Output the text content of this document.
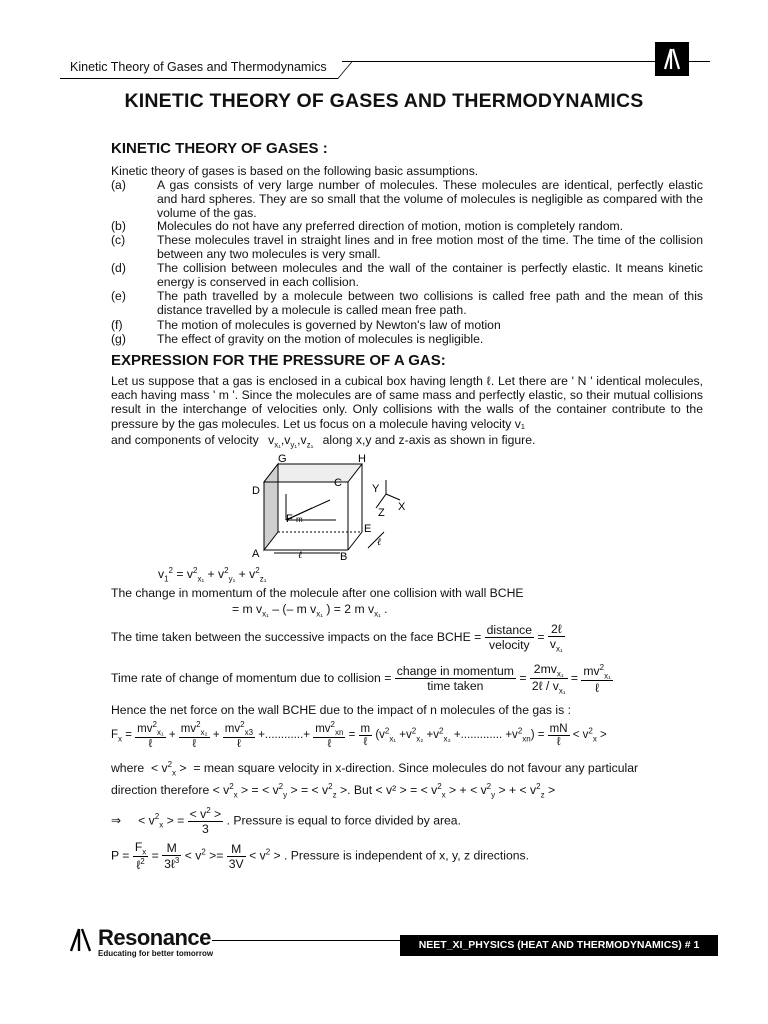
Kinetic Theory of Gases and Thermodynamics
KINETIC THEORY OF GASES AND THERMODYNAMICS
KINETIC THEORY OF GASES :
Kinetic theory of gases is based on the following basic assumptions.
(a)	A gas consists of very large number of molecules. These molecules are identical, perfectly elastic and hard spheres. They are so small that the volume of molecules is negligible as compared with the volume of the gas.
(b)	Molecules do not have any preferred direction of motion, motion is completely random.
(c)	These molecules travel in straight lines and in free motion most of the time. The time of the collision between any two molecules is very small.
(d)	The collision between molecules and the wall of the container is perfectly elastic. It means kinetic energy is conserved in each collision.
(e)	The path travelled by a molecule between two collisions is called free path and the mean of this distance travelled by a molecule is called mean free path.
(f)	The motion of molecules is governed by Newton's law of motion
(g)	The effect of gravity on the motion of molecules is negligible.
EXPRESSION FOR THE PRESSURE OF A GAS:
Let us suppose that a gas is enclosed in a cubical box having length ℓ. Let there are ' N ' identical molecules, each having mass ' m '. Since the molecules are of same mass and perfectly elastic, so their mutual collisions result in the interchange of velocities only. Only collisions with the walls of the container contribute to the pressure by the gas molecules. Let us focus on a molecule having velocity v₁
and components of velocity $v_{x_1},v_{y_1},v_{z_1}$ along x,y and z-axis as shown in figure.
G	H
D
C
A	B
E
F m
Y
X
Z
ℓ
ℓ
$v_1^2 = v^2_{x_1} + v^2_{y_1} + v^2_{z_1}$
The change in momentum of the molecule after one collision with wall BCHE
= m $v_{x_1}$ – (– m $v_{x_1}$ ) = 2 m $v_{x_1}$ .
The time taken between the successive impacts on the face BCHE = $\frac{\text{distance}}{\text{velocity}} = \frac{\text{2ℓ}}{v_{x_1}}$
Time rate of change of momentum due to collision = $\frac{\text{change in momentum}}{\text{time taken}} = \frac{2mv_{x_1}}{2\ell / v_{x_1}} = \frac{mv^2_{x_1}}{\text{ℓ}}$
Hence the net force on the wall BCHE due to the impact of n molecules of the gas is :
$F_x = \frac{mv^2_{x_1}}{\text{ℓ}} + \frac{mv^2_{x_2}}{\text{ℓ}} + \frac{mv^2_{x3}}{\text{ℓ}}$ +............+ $\frac{mv^2_{xn}}{\text{ℓ}} = \frac{m}{\text{ℓ}} (v^2_{x_1} +v^2_{x_2} +v^2_{x_3}$ +............. $+v^2_{xn}) = \frac{mN}{\text{ℓ}} < v^2_x$ >
where  < $v^2_x$ >  = mean square velocity in x-direction. Since molecules do not favour any particular
direction therefore < $v^2_x$ > = < $v^2_y$ > = < $v^2_z$ >. But < v² > = < $v^2_x$ > + < $v^2_y$ > + < $v^2_z$ >
⇒     < $v^2_x$ > = $\frac{< v^2 >}{3}$ . Pressure is equal to force divided by area.
$P = \frac{F_x}{\ell^2} = \frac{M}{3\ell^3} < v^2 >= \frac{M}{3V} < v^2$ > . Pressure is independent of x, y, z directions.
Resonance
Educating for better tomorrow
NEET_XI_PHYSICS (HEAT AND THERMODYNAMICS) # 1
